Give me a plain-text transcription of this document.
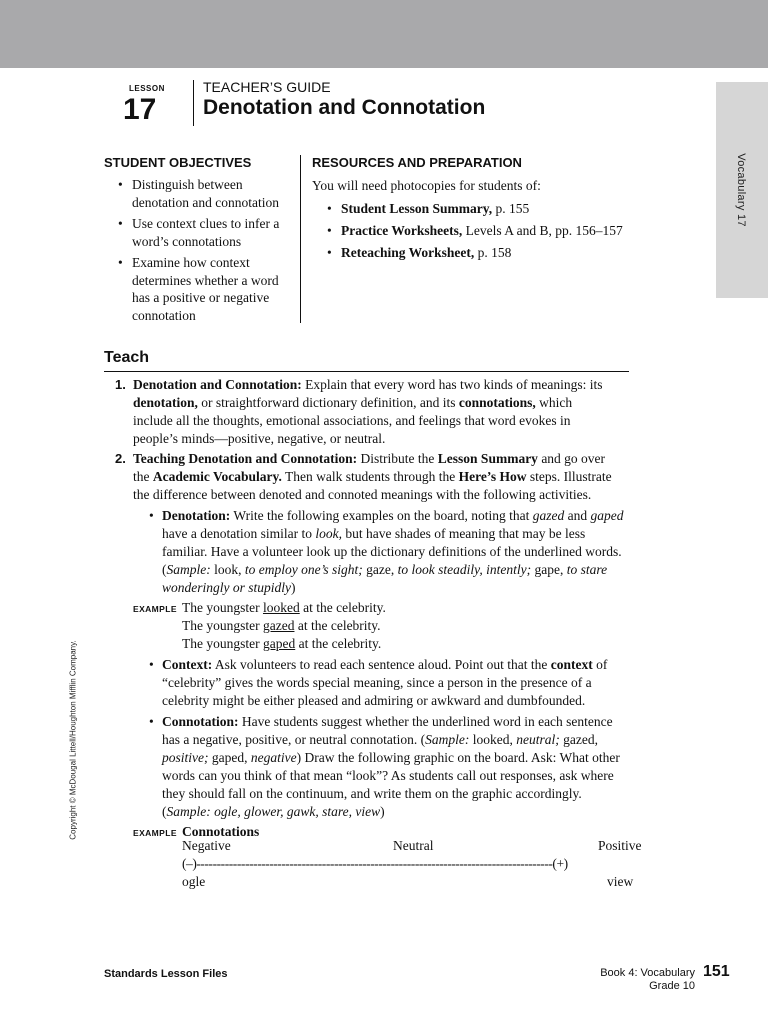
Vocabulary 17
Copyright © McDougal Littell/Houghton Mifflin Company.
LESSON
17
TEACHER’S GUIDE
Denotation and Connotation
STUDENT OBJECTIVES
• Distinguish between denotation and connotation
• Use context clues to infer a word’s connotations
• Examine how context determines whether a word has a positive or negative connotation
RESOURCES AND PREPARATION
You will need photocopies for students of:
• Student Lesson Summary, p. 155
• Practice Worksheets, Levels A and B, pp. 156–157
• Reteaching Worksheet, p. 158
Teach
1. Denotation and Connotation: Explain that every word has two kinds of meanings: its denotation, or straightforward dictionary definition, and its connotations, which include all the thoughts, emotional associations, and feelings that word evokes in people’s minds—positive, negative, or neutral.
2. Teaching Denotation and Connotation: Distribute the Lesson Summary and go over the Academic Vocabulary. Then walk students through the Here’s How steps. Illustrate the difference between denoted and connoted meanings with the following activities.
• Denotation: Write the following examples on the board, noting that gazed and gaped have a denotation similar to look, but have shades of meaning that may be less familiar. Have a volunteer look up the dictionary definitions of the underlined words. (Sample: look, to employ one’s sight; gaze, to look steadily, intently; gape, to stare wonderingly or stupidly)
EXAMPLE The youngster looked at the celebrity.
The youngster gazed at the celebrity.
The youngster gaped at the celebrity.
• Context: Ask volunteers to read each sentence aloud. Point out that the context of “celebrity” gives the words special meaning, since a person in the presence of a celebrity might be either pleased and admiring or awkward and dumbfounded.
• Connotation: Have students suggest whether the underlined word in each sentence has a negative, positive, or neutral connotation. (Sample: looked, neutral; gazed, positive; gaped, negative) Draw the following graphic on the board. Ask: What other words can you think of that mean “look”? As students call out responses, ask where they should fall on the continuum, and write them on the graphic accordingly. (Sample: ogle, glower, gawk, stare, view)
EXAMPLE Connotations
Negative	Neutral	Positive
(–)----------------------------------------------------------------------------------------(+)
ogle	view
Standards Lesson Files	Book 4: Vocabulary
Grade 10
151
